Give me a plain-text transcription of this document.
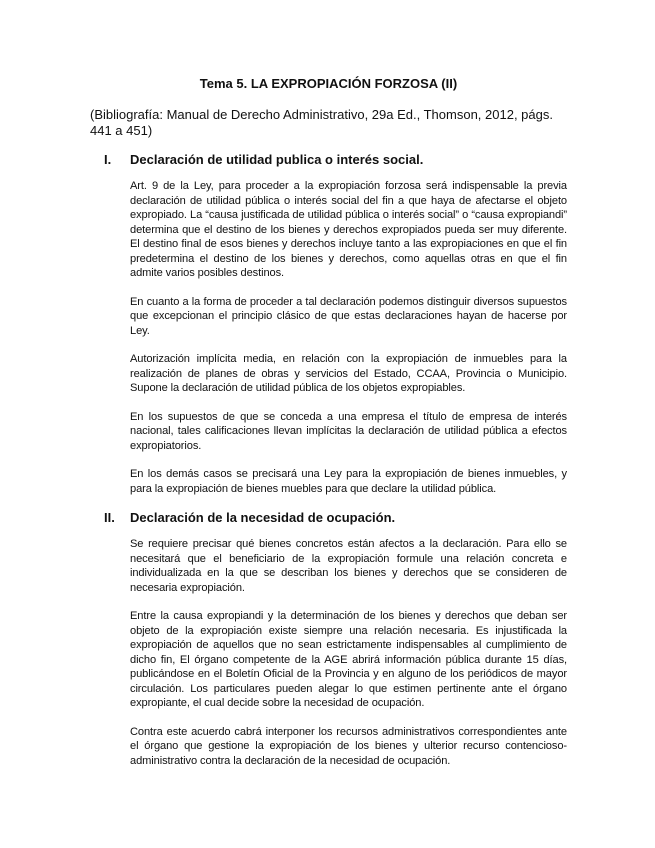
Tema 5. LA EXPROPIACIÓN FORZOSA (II)
(Bibliografía: Manual de Derecho Administrativo, 29a Ed., Thomson, 2012, págs. 441 a 451)
I.	Declaración de utilidad publica o interés social.

Art. 9 de la Ley, para proceder a la expropiación forzosa será indispensable la previa declaración de utilidad pública o interés social del fin a que haya de afectarse el objeto expropiado. La “causa justificada de utilidad pública o interés social” o “causa expropiandi” determina que el destino de los bienes y derechos expropiados pueda ser muy diferente. El destino final de esos bienes y derechos incluye tanto a las expropiaciones en que el fin predetermina el destino de los bienes y derechos, como aquellas otras en que el fin admite varios posibles destinos.

En cuanto a la forma de proceder a tal declaración podemos distinguir diversos supuestos que excepcionan el principio clásico de que estas declaraciones hayan de hacerse por Ley.

Autorización implícita media, en relación con la expropiación de inmuebles para la realización de planes de obras y servicios del Estado, CCAA, Provincia o Municipio. Supone la declaración de utilidad pública de los objetos expropiables.

En los supuestos de que se conceda a una empresa el título de empresa de interés nacional, tales calificaciones llevan implícitas la declaración de utilidad pública a efectos expropiatorios.

En los demás casos se precisará una Ley para la expropiación de bienes inmuebles, y para la expropiación de bienes muebles para que declare la utilidad pública.

II.	Declaración de la necesidad de ocupación.

Se requiere precisar qué bienes concretos están afectos a la declaración. Para ello se necesitará que el beneficiario de la expropiación formule una relación concreta e individualizada en la que se describan los bienes y derechos que se consideren de necesaria expropiación.

Entre la causa expropiandi y la determinación de los bienes y derechos que deban ser objeto de la expropiación existe siempre una relación necesaria. Es injustificada la expropiación de aquellos que no sean estrictamente indispensables al cumplimiento de dicho fin, El órgano competente de la AGE abrirá información pública durante 15 días, publicándose en el Boletín Oficial de la Provincia y en alguno de los periódicos de mayor circulación. Los particulares pueden alegar lo que estimen pertinente ante el órgano expropiante, el cual decide sobre la necesidad de ocupación.

Contra este acuerdo cabrá interponer los recursos administrativos correspondientes ante el órgano que gestione la expropiación de los bienes y ulterior recurso contencioso-administrativo contra la declaración de la necesidad de ocupación.
